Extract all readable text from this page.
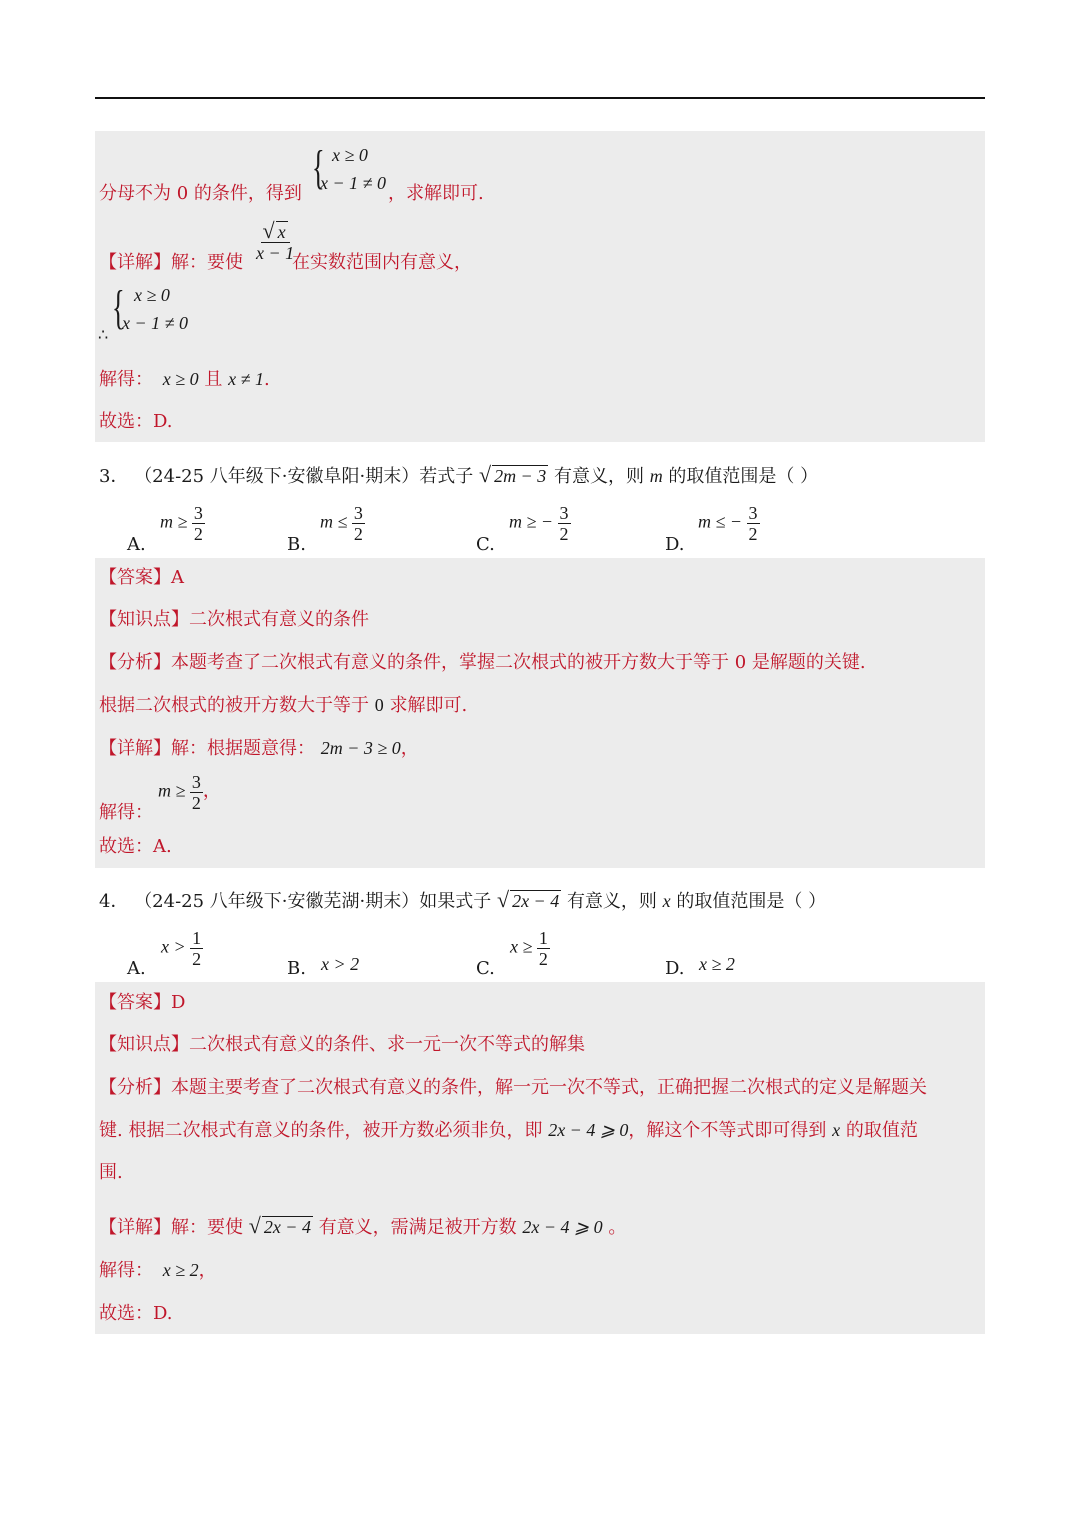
分母不为 0 的条件，得到 { x ≥ 0
x − 1 ≠ 0 ，求解即可.
【详解】解：要使 $\frac{√ x}{x - 1}$
在实数范围内有意义，
∴
{ x ≥ 0
x − 1 ≠ 0
解得： x ≥ 0 且 x ≠ 1.
故选：D.
3． （24-25 八年级下·安徽阜阳·期末）若式子 √ 2m − 3 有意义，则 m 的取值范围是（ ）
A.
$m \ge \frac{3}{2}$
B.
$m \le \frac{3}{2}$
C.
m ≥ − $\frac{3}{2}$
D.
m ≤ − $\frac{3}{2}$
【答案】A
【知识点】二次根式有意义的条件
【分析】本题考查了二次根式有意义的条件，掌握二次根式的被开方数大于等于 0 是解题的关键.
根据二次根式的被开方数大于等于 0 求解即可.
【详解】解：根据题意得： 2m − 3 ≥ 0，
解得：
$m \ge \frac{3}{2}$ ，
故选：A.
4． （24-25 八年级下·安徽芜湖·期末）如果式子 √ 2x − 4 有意义，则 x 的取值范围是（ ）
A.
$x > \frac{1}{2}$	B. x > 2	C.
$x \ge \frac{1}{2}$	D. x ≥ 2
【答案】D
【知识点】二次根式有意义的条件、求一元一次不等式的解集
【分析】本题主要考查了二次根式有意义的条件，解一元一次不等式，正确把握二次根式的定义是解题关
键. 根据二次根式有意义的条件，被开方数必须非负，即 2x − 4 ⩾ 0，解这个不等式即可得到 x 的取值范
围.
【详解】解：要使 √ 2x − 4 有意义，需满足被开方数 2x − 4 ⩾ 0 。
解得： x ≥ 2，
故选：D.
